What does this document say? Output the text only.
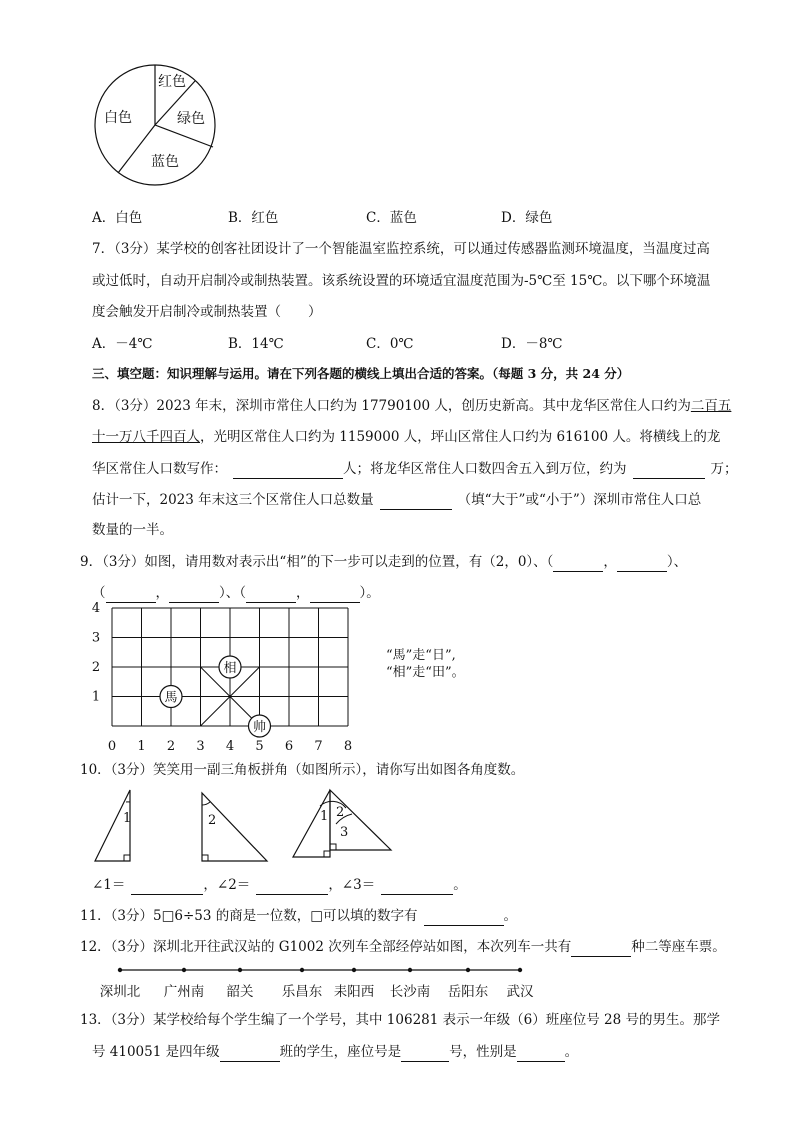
红色
绿色
蓝色
白色
A．白色	B．红色	C．蓝色	D．绿色
7．（3分）某学校的创客社团设计了一个智能温室监控系统，可以通过传感器监测环境温度，当温度过高
或过低时，自动开启制冷或制热装置。该系统设置的环境适宜温度范围为-5℃至 15℃。以下哪个环境温
度会触发开启制冷或制热装置（　　）
A．－4℃	B．14℃	C．0℃	D．－8℃
三、填空题：知识理解与运用。请在下列各题的横线上填出合适的答案。（每题 3 分，共 24 分）
8．（3分）2023 年末，深圳市常住人口约为 17790100 人，创历史新高。其中龙华区常住人口约为二百五
十一万八千四百人，光明区常住人口约为 1159000 人，坪山区常住人口约为 616100 人。将横线上的龙
华区常住人口数写作：	人；将龙华区常住人口数四舍五入到万位，约为	万；
估计一下，2023 年末这三个区常住人口总数量	（填“大于”或“小于”）深圳市常住人口总
数量的一半。
9．（3分）如图，请用数对表示出“相”的下一步可以走到的位置，有（2，0）、（	，	）、
（	，	）、（	，	）。
0 1 2 3 4 5 6 7 8
1
2
3
4
相
馬
帅
“馬”走“日”,
“相”走“田”。
10．（3分）笑笑用一副三角板拼角（如图所示），请你写出如图各角度数。
1	2	1 2
3
∠1＝	，∠2＝	，∠3＝	。
11．（3分）5□6÷53 的商是一位数，□可以填的数字有	。
12．（3分）深圳北开往武汉站的 G1002 次列车全部经停站如图，本次列车一共有	种二等座车票。
深圳北 广州南 韶关 乐昌东 耒阳西 长沙南 岳阳东 武汉
13．（3分）某学校给每个学生编了一个学号，其中 106281 表示一年级（6）班座位号 28 号的男生。那学
号 410051 是四年级	班的学生，座位号是	号，性别是	。
